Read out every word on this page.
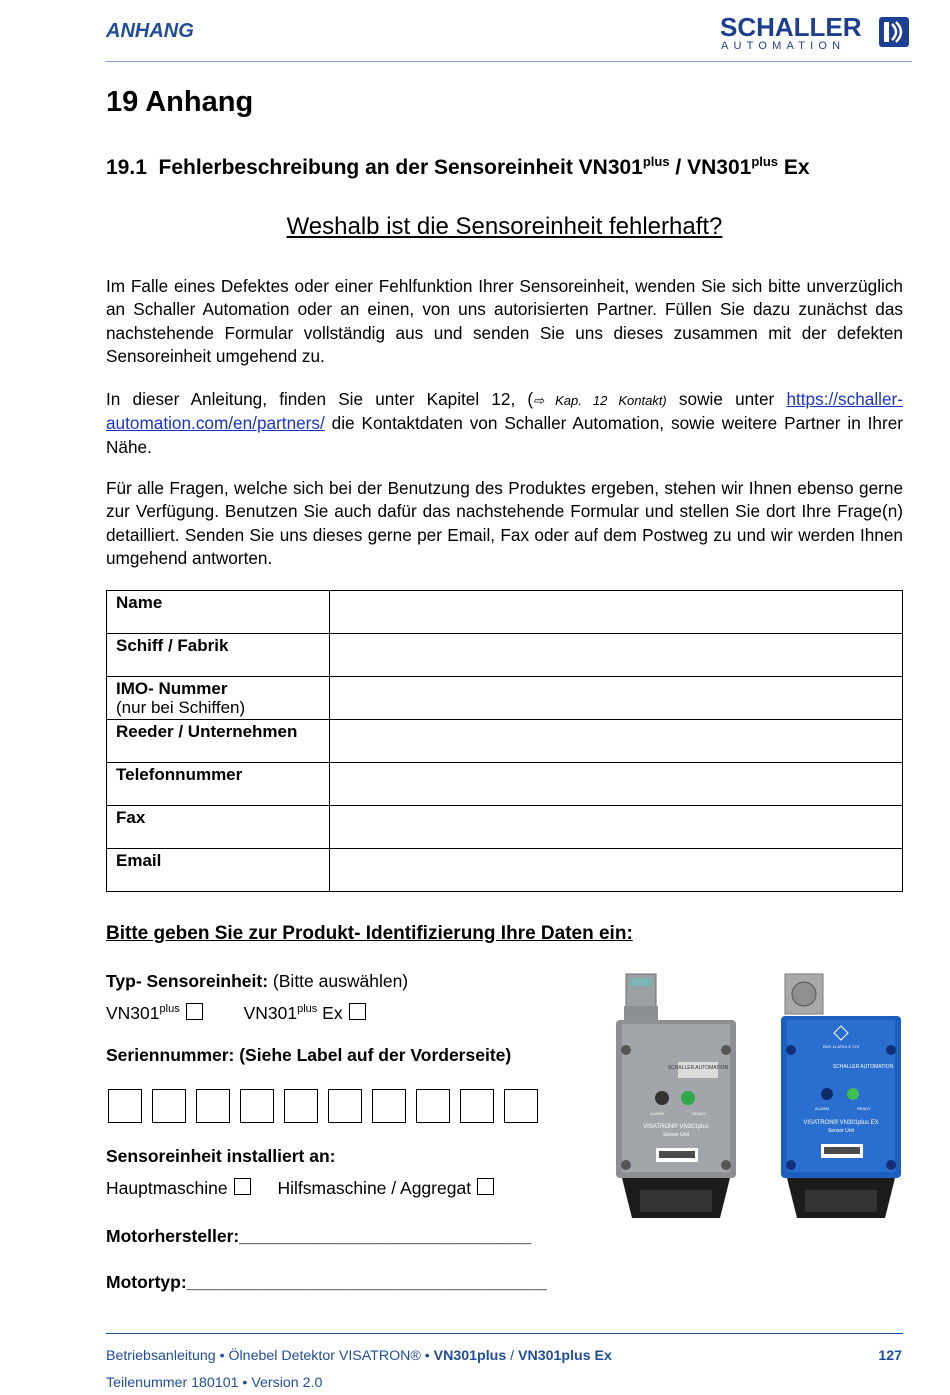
ANHANG	SCHALLER
AUTOMATION
19 Anhang
19.1 Fehlerbeschreibung an der Sensoreinheit $VN301^{plus} / VN301^{plus}$ Ex
Weshalb ist die Sensoreinheit fehlerhaft?
Im Falle eines Defektes oder einer Fehlfunktion Ihrer Sensoreinheit, wenden Sie sich bitte unverzüglich an Schaller Automation oder an einen, von uns autorisierten Partner. Füllen Sie dazu zunächst das nachstehende Formular vollständig aus und senden Sie uns dieses zusammen mit der defekten Sensoreinheit umgehend zu.
In dieser Anleitung, finden Sie unter Kapitel 12, (⇨ Kap. 12 Kontakt) sowie unter https://schaller-automation.com/en/partners/ die Kontaktdaten von Schaller Automation, sowie weitere Partner in Ihrer Nähe.
Für alle Fragen, welche sich bei der Benutzung des Produktes ergeben, stehen wir Ihnen ebenso gerne zur Verfügung. Benutzen Sie auch dafür das nachstehende Formular und stellen Sie dort Ihre Frage(n) detailliert. Senden Sie uns dieses gerne per Email, Fax oder auf dem Postweg zu und wir werden Ihnen umgehend antworten.
Name	
Schiff / Fabrik	
IMO- Nummer
(nur bei Schiffen)	

Reeder / Unternehmen	
Telefonnummer	
Fax	
Email	
Bitte geben Sie zur Produkt- Identifizierung Ihre Daten ein:
Typ- Sensoreinheit: (Bitte auswählen)
$VN301^{plus}$	$VN301^{plus}$ Ex
Seriennummer: (Siehe Label auf der Vorderseite)
Sensoreinheit installiert an:
Hauptmaschine	Hilfsmaschine / Aggregat
Motorhersteller:______________________________
Motortyp:_____________________________________
SCHALLER AUTOMATION
ALARM	READY
VISATRON® VN301plus
Sensor Unit
BVS 11 ATEX E 175
SCHALLER AUTOMATION
ALARM	READY
VISATRON® VN301plus EX
Sensor Unit
Betriebsanleitung • Ölnebel Detektor VISATRON® • VN301plus / VN301plus Ex	127
Teilenummer 180101 • Version 2.0
